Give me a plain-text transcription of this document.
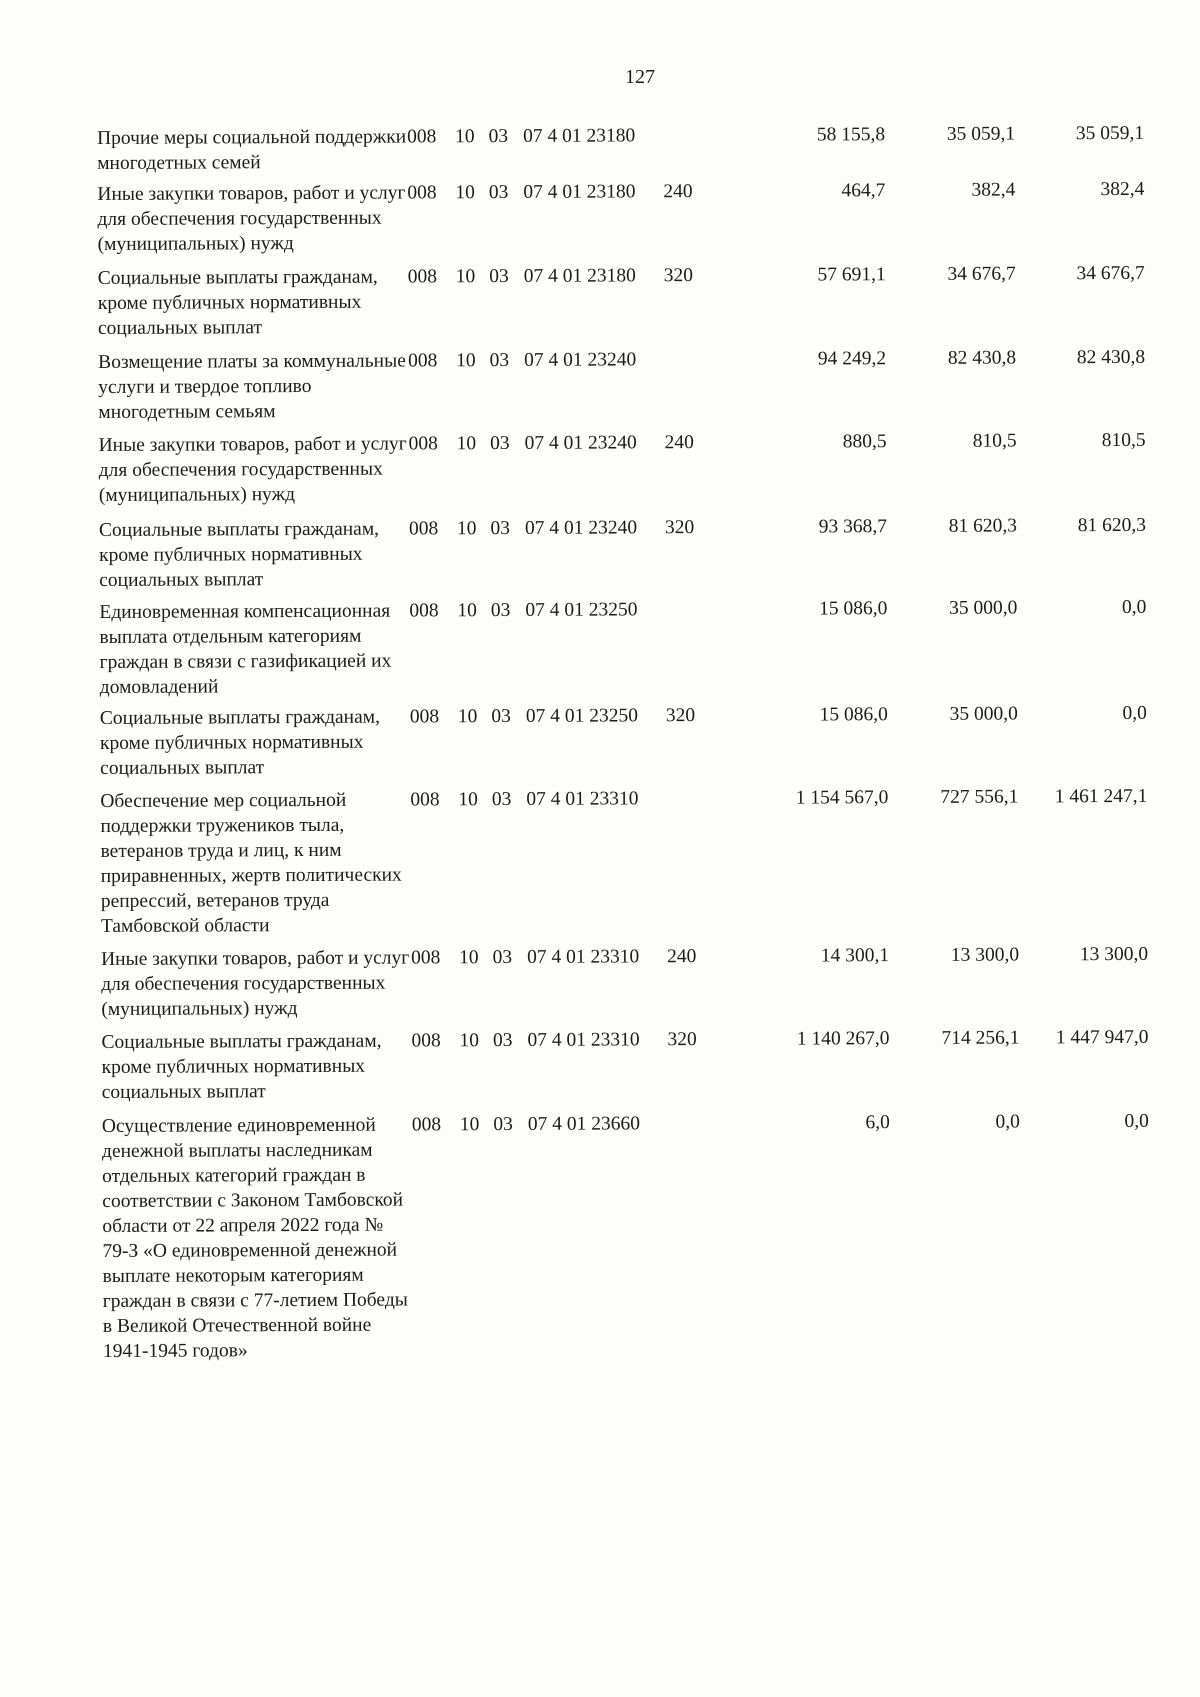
127
Прочие меры социальной поддержки многодетных семей
008 10 03 07 4 01 23180	58 155,8	35 059,1	35 059,1
Иные закупки товаров, работ и услуг для обеспечения государственных (муниципальных) нужд
008 10 03 07 4 01 23180	240	464,7	382,4	382,4
Социальные выплаты гражданам, кроме публичных нормативных социальных выплат
008 10 03 07 4 01 23180	320	57 691,1	34 676,7	34 676,7
Возмещение платы за коммунальные услуги и твердое топливо многодетным семьям
008 10 03 07 4 01 23240	94 249,2	82 430,8	82 430,8
Иные закупки товаров, работ и услуг для обеспечения государственных (муниципальных) нужд
008 10 03 07 4 01 23240	240	880,5	810,5	810,5
Социальные выплаты гражданам, кроме публичных нормативных социальных выплат
008 10 03 07 4 01 23240	320	93 368,7	81 620,3	81 620,3
Единовременная компенсационная выплата отдельным категориям граждан в связи с газификацией их домовладений
008 10 03 07 4 01 23250	15 086,0	35 000,0	0,0
Социальные выплаты гражданам, кроме публичных нормативных социальных выплат
008 10 03 07 4 01 23250	320	15 086,0	35 000,0	0,0
Обеспечение мер социальной поддержки тружеников тыла, ветеранов труда и лиц, к ним приравненных, жертв политических репрессий, ветеранов труда Тамбовской области
008 10 03 07 4 01 23310	1 154 567,0	727 556,1	1 461 247,1
Иные закупки товаров, работ и услуг для обеспечения государственных (муниципальных) нужд
008 10 03 07 4 01 23310	240	14 300,1	13 300,0	13 300,0
Социальные выплаты гражданам, кроме публичных нормативных социальных выплат
008 10 03 07 4 01 23310	320	1 140 267,0	714 256,1	1 447 947,0
Осуществление единовременной денежной выплаты наследникам отдельных категорий граждан в соответствии с Законом Тамбовской области от 22 апреля 2022 года № 79-З «О единовременной денежной выплате некоторым категориям граждан в связи с 77-летием Победы в Великой Отечественной войне 1941-1945 годов»
008 10 03 07 4 01 23660	6,0	0,0	0,0
